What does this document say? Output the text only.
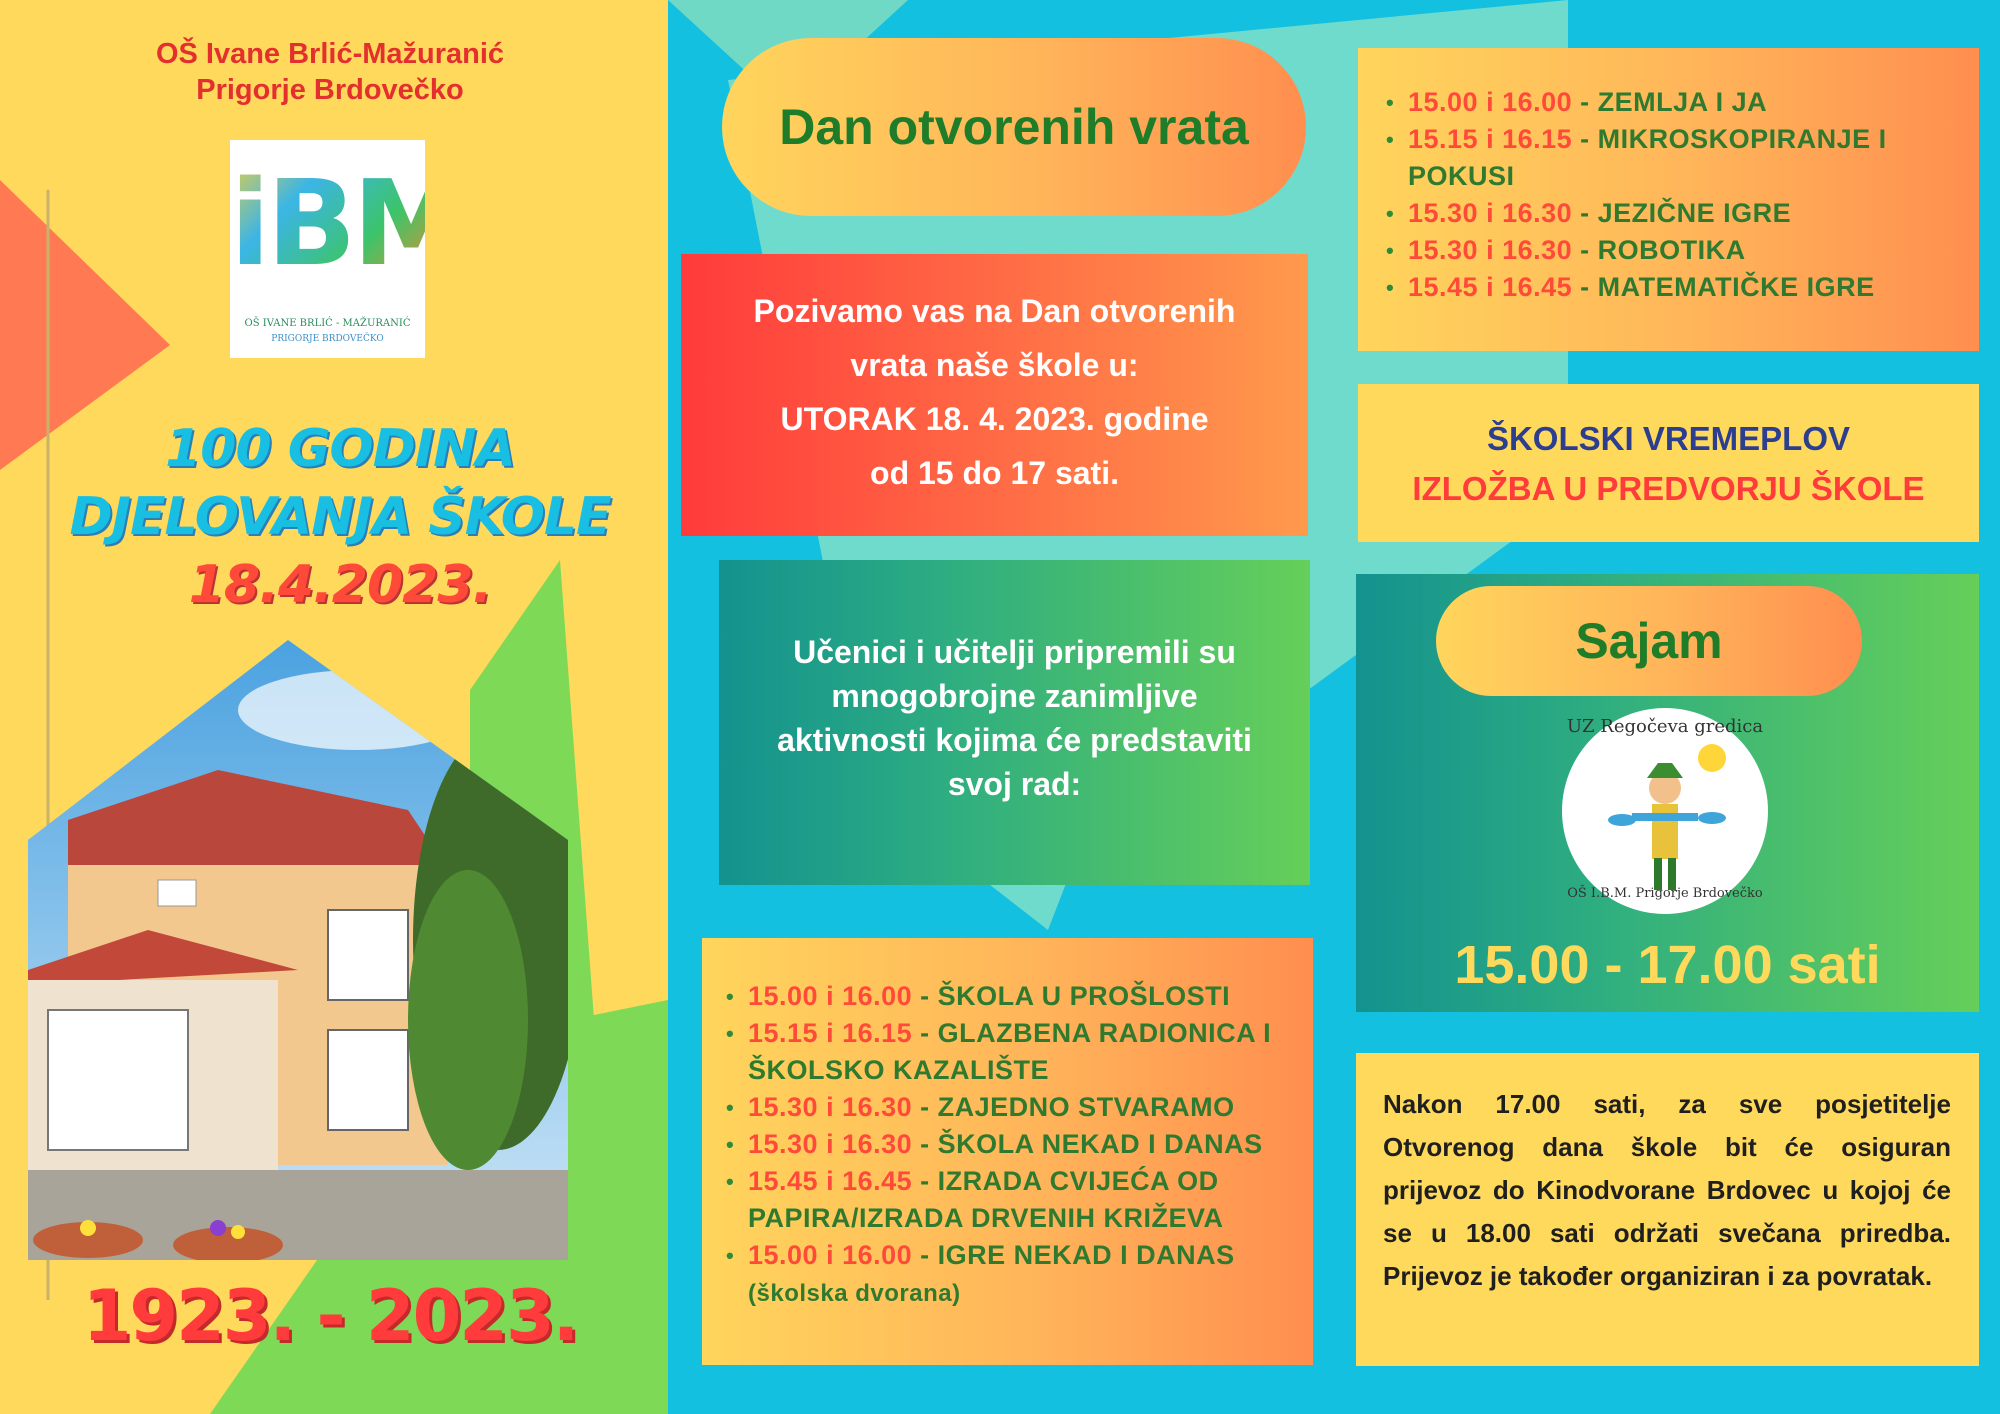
OŠ Ivane Brlić-Mažuranić
Prigorje Brdovečko
iBM
OŠ IVANE BRLIĆ - MAŽURANIĆ
PRIGORJE BRDOVEČKO
100 GODINA
DJELOVANJA ŠKOLE
18.4.2023.
1923. - 2023.
Dan otvorenih vrata
Pozivamo vas na Dan otvorenih
vrata naše škole u:
UTORAK 18. 4. 2023. godine
od 15 do 17 sati.
Učenici i učitelji pripremili su
mnogobrojne zanimljive
aktivnosti kojima će predstaviti
svoj rad:
• 15.00 i 16.00 - ŠKOLA U PROŠLOSTI
• 15.15 i 16.15 - GLAZBENA RADIONICA I ŠKOLSKO KAZALIŠTE
• 15.30 i 16.30 - ZAJEDNO STVARAMO
• 15.30 i 16.30 - ŠKOLA NEKAD I DANAS
• 15.45 i 16.45 - IZRADA CVIJEĆA OD PAPIRA/IZRADA DRVENIH KRIŽEVA
• 15.00 i 16.00 - IGRE NEKAD I DANAS
(školska dvorana)
• 15.00 i 16.00 - ZEMLJA I JA
• 15.15 i 16.15 - MIKROSKOPIRANJE I POKUSI
• 15.30 i 16.30 - JEZIČNE IGRE
• 15.30 i 16.30 - ROBOTIKA
• 15.45 i 16.45 - MATEMATIČKE IGRE
ŠKOLSKI VREMEPLOV
IZLOŽBA U PREDVORJU ŠKOLE
Sajam
UZ Regočeva gredica
OŠ I.B.M. Prigorje Brdovečko
15.00 - 17.00 sati
Nakon 17.00 sati, za sve posjetitelje Otvorenog dana škole bit će osiguran prijevoz do Kinodvorane Brdovec u kojoj će se u 18.00 sati održati svečana priredba. Prijevoz je također organiziran i za povratak.
